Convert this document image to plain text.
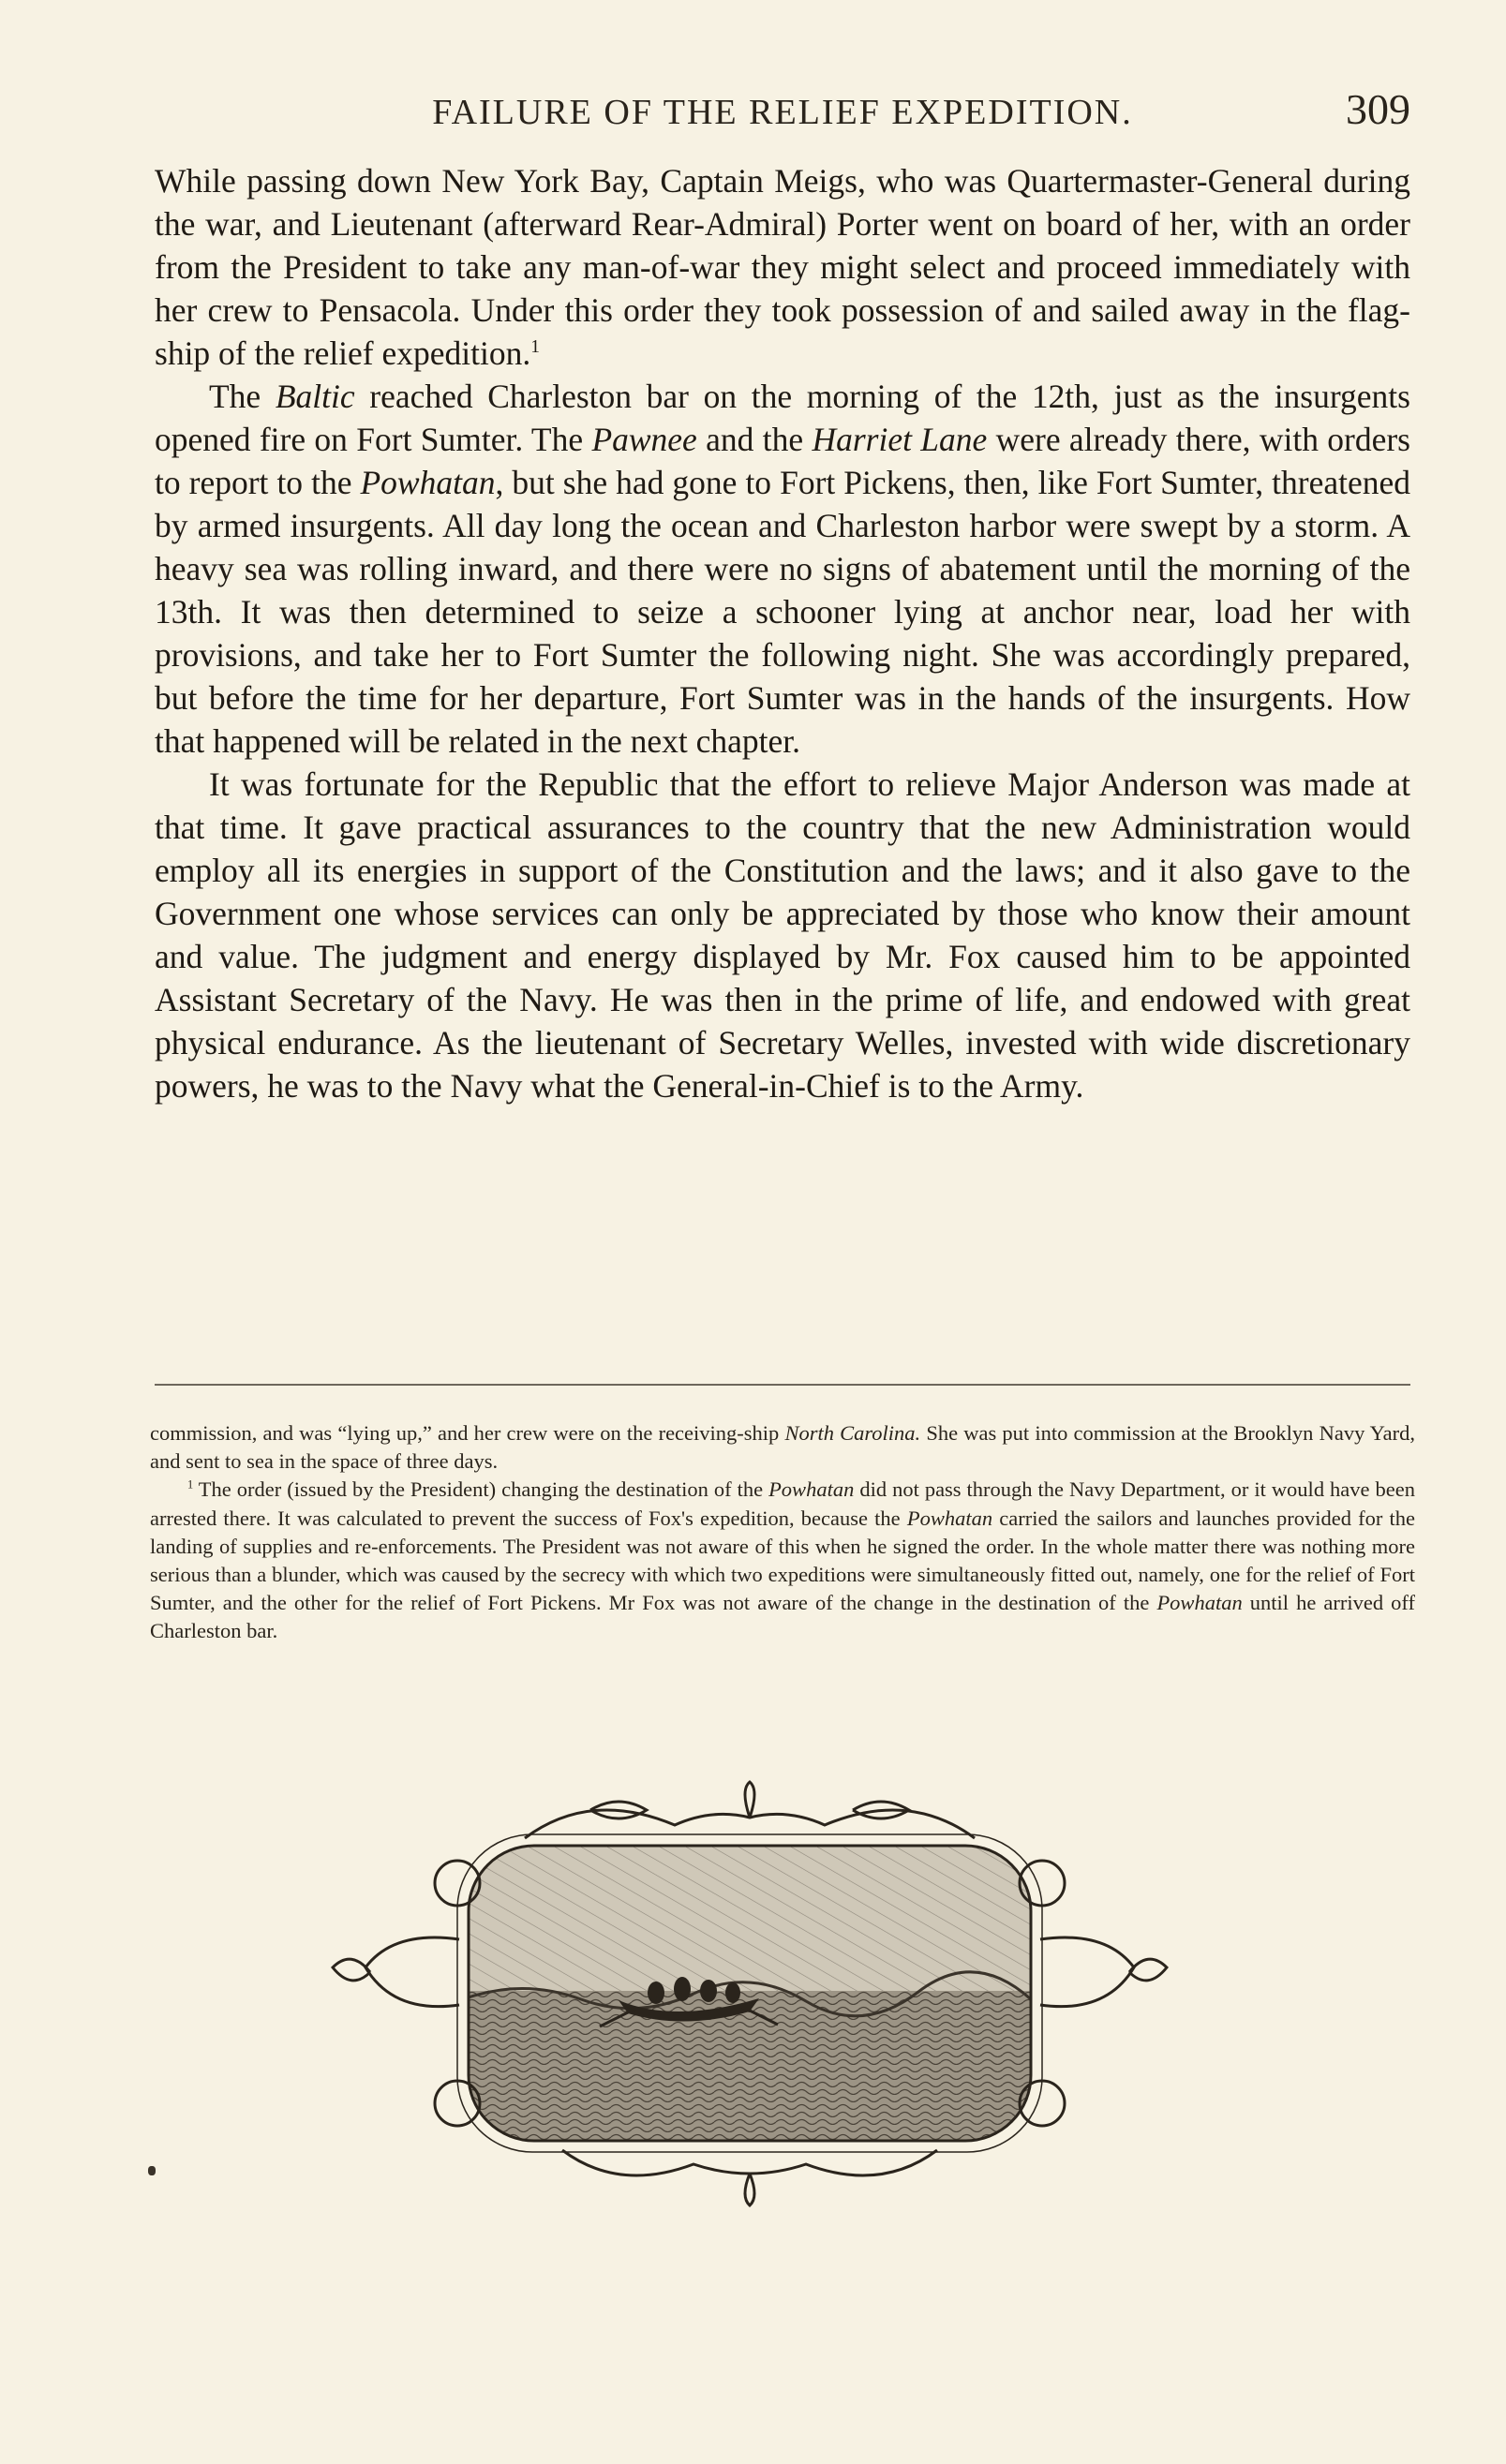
FAILURE OF THE RELIEF EXPEDITION.	309

While passing down New York Bay, Captain Meigs, who was Quartermaster-General during the war, and Lieutenant (afterward Rear-Admiral) Porter went on board of her, with an order from the President to take any man-of-war they might select and proceed immediately with her crew to Pensacola. Under this order they took possession of and sailed away in the flag-ship of the relief expedition.$^1$

The Baltic reached Charleston bar on the morning of the 12th, just as the insurgents opened fire on Fort Sumter. The Pawnee and the Harriet Lane were already there, with orders to report to the Powhatan, but she had gone to Fort Pickens, then, like Fort Sumter, threatened by armed insurgents. All day long the ocean and Charleston harbor were swept by a storm. A heavy sea was rolling inward, and there were no signs of abatement until the morning of the 13th. It was then determined to seize a schooner lying at anchor near, load her with provisions, and take her to Fort Sumter the following night. She was accordingly prepared, but before the time for her departure, Fort Sumter was in the hands of the insurgents. How that happened will be related in the next chapter.

It was fortunate for the Republic that the effort to relieve Major Anderson was made at that time. It gave practical assurances to the country that the new Administration would employ all its energies in support of the Constitution and the laws; and it also gave to the Government one whose services can only be appreciated by those who know their amount and value. The judgment and energy displayed by Mr. Fox caused him to be appointed Assistant Secretary of the Navy. He was then in the prime of life, and endowed with great physical endurance. As the lieutenant of Secretary Welles, invested with wide discretionary powers, he was to the Navy what the General-in-Chief is to the Army.

commission, and was “lying up,” and her crew were on the receiving-ship North Carolina. She was put into commission at the Brooklyn Navy Yard, and sent to sea in the space of three days.

$^1$ The order (issued by the President) changing the destination of the Powhatan did not pass through the Navy Department, or it would have been arrested there. It was calculated to prevent the success of Fox's expedition, because the Powhatan carried the sailors and launches provided for the landing of supplies and re-enforcements. The President was not aware of this when he signed the order. In the whole matter there was nothing more serious than a blunder, which was caused by the secrecy with which two expeditions were simultaneously fitted out, namely, one for the relief of Fort Sumter, and the other for the relief of Fort Pickens. Mr Fox was not aware of the change in the destination of the Powhatan until he arrived off Charleston bar.
